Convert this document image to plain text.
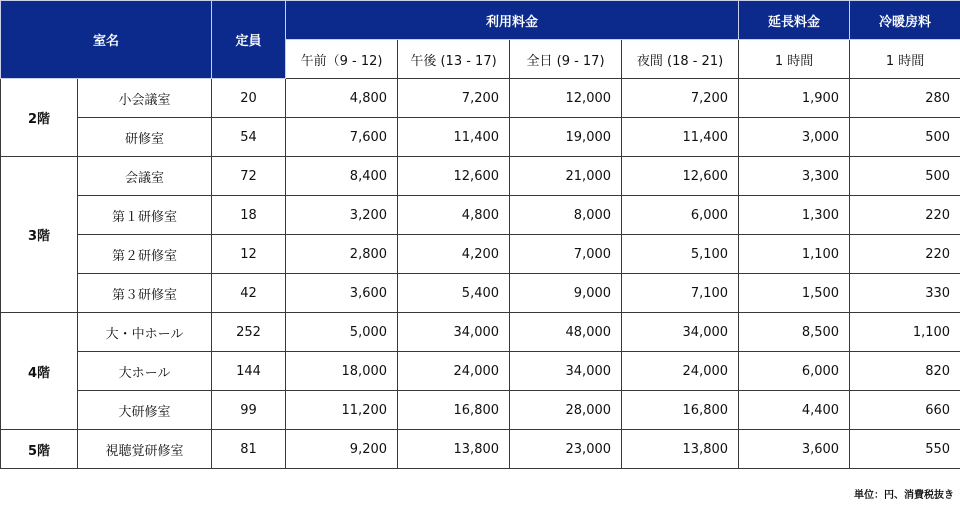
室名		定員	利用料金				延長料金	冷暖房料
			午前（9 - 12)	午後 (13 - 17)	全日 (9 - 17)	夜間 (18 - 21)	1 時間	1 時間
2階	小会議室	20	4,800	7,200	12,000	7,200	1,900	280
	研修室	54	7,600	11,400	19,000	11,400	3,000	500
3階	会議室	72	8,400	12,600	21,000	12,600	3,300	500
	第１研修室	18	3,200	4,800	8,000	6,000	1,300	220
	第２研修室	12	2,800	4,200	7,000	5,100	1,100	220
	第３研修室	42	3,600	5,400	9,000	7,100	1,500	330
4階	大・中ホール	252	5,000	34,000	48,000	34,000	8,500	1,100
	大ホール	144	18,000	24,000	34,000	24,000	6,000	820
	大研修室	99	11,200	16,800	28,000	16,800	4,400	660
5階	視聴覚研修室	81	9,200	13,800	23,000	13,800	3,600	550
単位：円、消費税抜き
